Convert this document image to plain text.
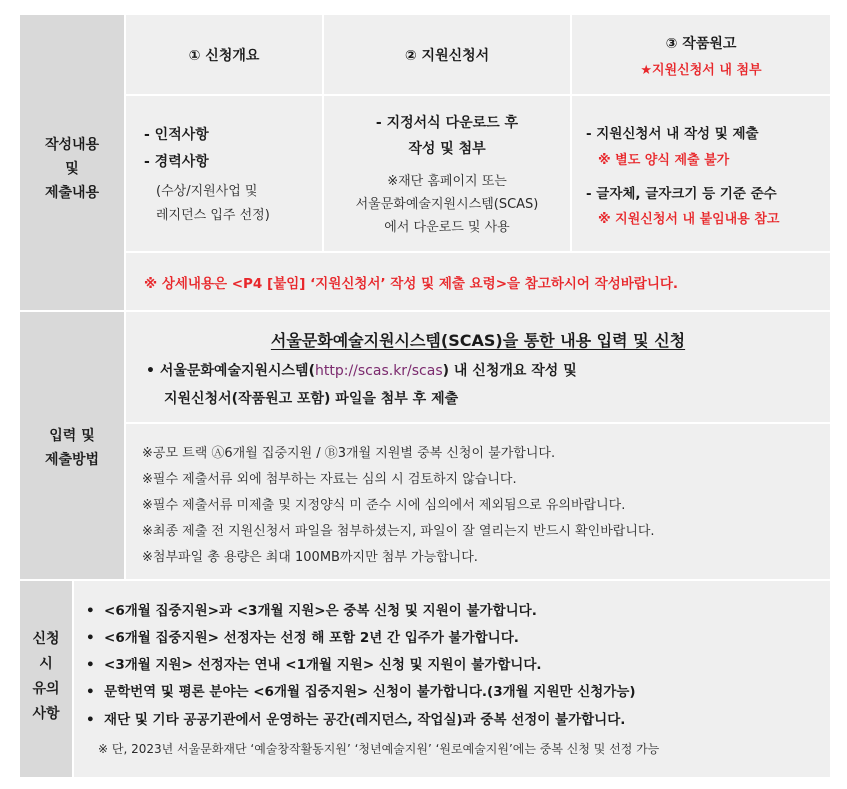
작성내용
및
제출내용
① 신청개요	② 지원신청서
③ 작품원고
★지원신청서 내 첨부
- 인적사항
- 경력사항
(수상/지원사업 및
레지던스 입주 선정)
- 지정서식 다운로드 후
작성 및 첨부
※재단 홈페이지 또는
서울문화예술지원시스템(SCAS)
에서 다운로드 및 사용
- 지원신청서 내 작성 및 제출
※ 별도 양식 제출 불가
- 글자체, 글자크기 등 기준 준수
※ 지원신청서 내 붙임내용 참고
※ 상세내용은 <P4 [붙임] ‘지원신청서’ 작성 및 제출 요령>을 참고하시어 작성바랍니다.
입력 및
제출방법
서울문화예술지원시스템(SCAS)을 통한 내용 입력 및 신청
• 서울문화예술지원시스템(http://scas.kr/scas) 내 신청개요 작성 및
지원신청서(작품원고 포함) 파일을 첨부 후 제출
※공모 트랙 Ⓐ6개월 집중지원 / Ⓑ3개월 지원별 중복 신청이 불가합니다.
※필수 제출서류 외에 첨부하는 자료는 심의 시 검토하지 않습니다.
※필수 제출서류 미제출 및 지정양식 미 준수 시에 심의에서 제외됨으로 유의바랍니다.
※최종 제출 전 지원신청서 파일을 첨부하셨는지, 파일이 잘 열리는지 반드시 확인바랍니다.
※첨부파일 총 용량은 최대 100MB까지만 첨부 가능합니다.
신청
시
유의
사항
•  <6개월 집중지원>과 <3개월 지원>은 중복 신청 및 지원이 불가합니다.
•  <6개월 집중지원> 선정자는 선정 해 포함 2년 간 입주가 불가합니다.
•  <3개월 지원> 선정자는 연내 <1개월 지원> 신청 및 지원이 불가합니다.
•  문학번역 및 평론 분야는 <6개월 집중지원> 신청이 불가합니다.(3개월 지원만 신청가능)
•  재단 및 기타 공공기관에서 운영하는 공간(레지던스, 작업실)과 중복 선정이 불가합니다.
※ 단, 2023년 서울문화재단 ‘예술창작활동지원’ ‘청년예술지원’ ‘원로예술지원’에는 중복 신청 및 선정 가능
